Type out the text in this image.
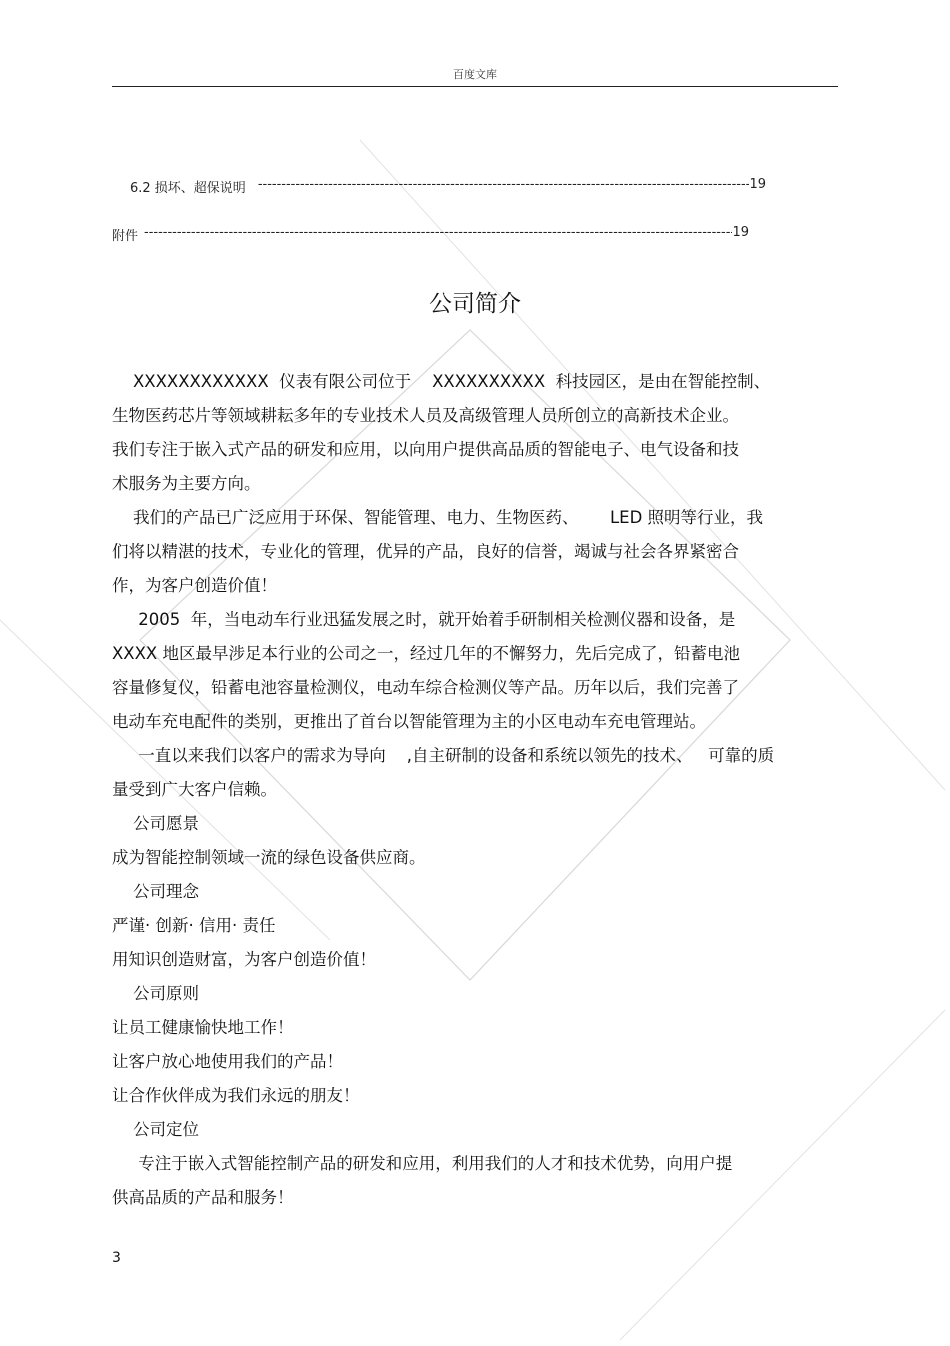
百度文库
6.2 损坏、超保说明 -----	19
附件 -----	19
公司简介
XXXXXXXXXXXX  仪表有限公司位于    XXXXXXXXXX  科技园区，是由在智能控制、
生物医药芯片等领域耕耘多年的专业技术人员及高级管理人员所创立的高新技术企业。
我们专注于嵌入式产品的研发和应用，以向用户提供高品质的智能电子、电气设备和技
术服务为主要方向。
我们的产品已广泛应用于环保、智能管理、电力、生物医药、      LED 照明等行业，我
们将以精湛的技术，专业化的管理，优异的产品，良好的信誉，竭诚与社会各界紧密合
作，为客户创造价值！
2005  年，当电动车行业迅猛发展之时，就开始着手研制相关检测仪器和设备，是
XXXX 地区最早涉足本行业的公司之一，经过几年的不懈努力，先后完成了，铅蓄电池
容量修复仪，铅蓄电池容量检测仪，电动车综合检测仪等产品。历年以后，我们完善了
电动车充电配件的类别，更推出了首台以智能管理为主的小区电动车充电管理站。
一直以来我们以客户的需求为导向    ,自主研制的设备和系统以领先的技术、   可靠的质
量受到广大客户信赖。
公司愿景
成为智能控制领域一流的绿色设备供应商。
公司理念
严谨· 创新· 信用· 责任
用知识创造财富，为客户创造价值！
公司原则
让员工健康愉快地工作！
让客户放心地使用我们的产品！
让合作伙伴成为我们永远的朋友！
公司定位
专注于嵌入式智能控制产品的研发和应用，利用我们的人才和技术优势，向用户提
供高品质的产品和服务！
3
